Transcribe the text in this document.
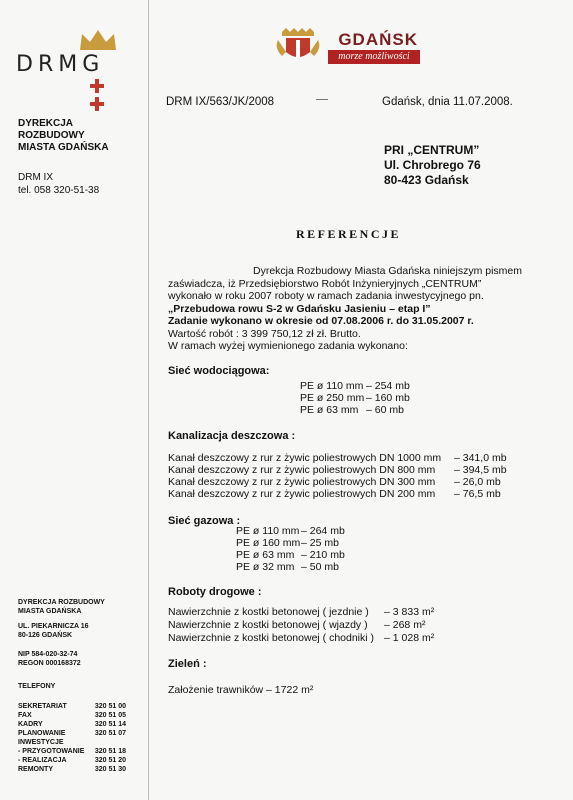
DRMG
DYREKCJA
ROZBUDOWY
MIASTA GDAŃSKA
DRM IX
tel. 058 320-51-38
GDAŃSK
morze możliwości
DRM IX/563/JK/2008	Gdańsk, dnia 11.07.2008.
PRI „CENTRUM”
Ul. Chrobrego 76
80-423 Gdańsk
REFERENCJE
Dyrekcja Rozbudowy Miasta Gdańska niniejszym pismem
zaświadcza, iż Przedsiębiorstwo Robót Inżynieryjnych „CENTRUM”
wykonało w roku 2007 roboty w ramach zadania inwestycyjnego pn.
„Przebudowa rowu S-2 w Gdańsku Jasieniu – etap I”
Zadanie wykonano w okresie od 07.08.2006 r. do 31.05.2007 r.
Wartość robót : 3 399 750,12 zł zł. Brutto.
W ramach wyżej wymienionego zadania wykonano:
Sieć wodociągowa:
PE ø 110 mm – 254 mb
PE ø 250 mm – 160 mb
PE ø 63 mm – 60 mb
Kanalizacja deszczowa :
Kanał deszczowy z rur z żywic poliestrowych DN 1000 mm – 341,0 mb
Kanał deszczowy z rur z żywic poliestrowych DN 800 mm – 394,5 mb
Kanał deszczowy z rur z żywic poliestrowych DN 300 mm – 26,0 mb
Kanał deszczowy z rur z żywic poliestrowych DN 200 mm – 76,5 mb
Sieć gazowa :
PE ø 110 mm – 264 mb
PE ø 160 mm– 25 mb
PE ø 63 mm – 210 mb
PE ø 32 mm – 50 mb
Roboty drogowe :
Nawierzchnie z kostki betonowej ( jezdnie ) – 3 833 m²
Nawierzchnie z kostki betonowej ( wjazdy ) – 268 m²
Nawierzchnie z kostki betonowej ( chodniki ) – 1 028 m²
Zieleń :
Założenie trawników – 1722 m²
DYREKCJA ROZBUDOWY
MIASTA GDAŃSKA
UL. PIEKARNICZA 16
80-126 GDAŃSK
NIP 584-020-32-74
REGON 000168372
TELEFONY
SEKRETARIAT	320 51 00
FAX	320 51 05
KADRY	320 51 14
PLANOWANIE	320 51 07
INWESTYCJE
- PRZYGOTOWANIE 320 51 18
- REALIZACJA	320 51 20
REMONTY	320 51 30
